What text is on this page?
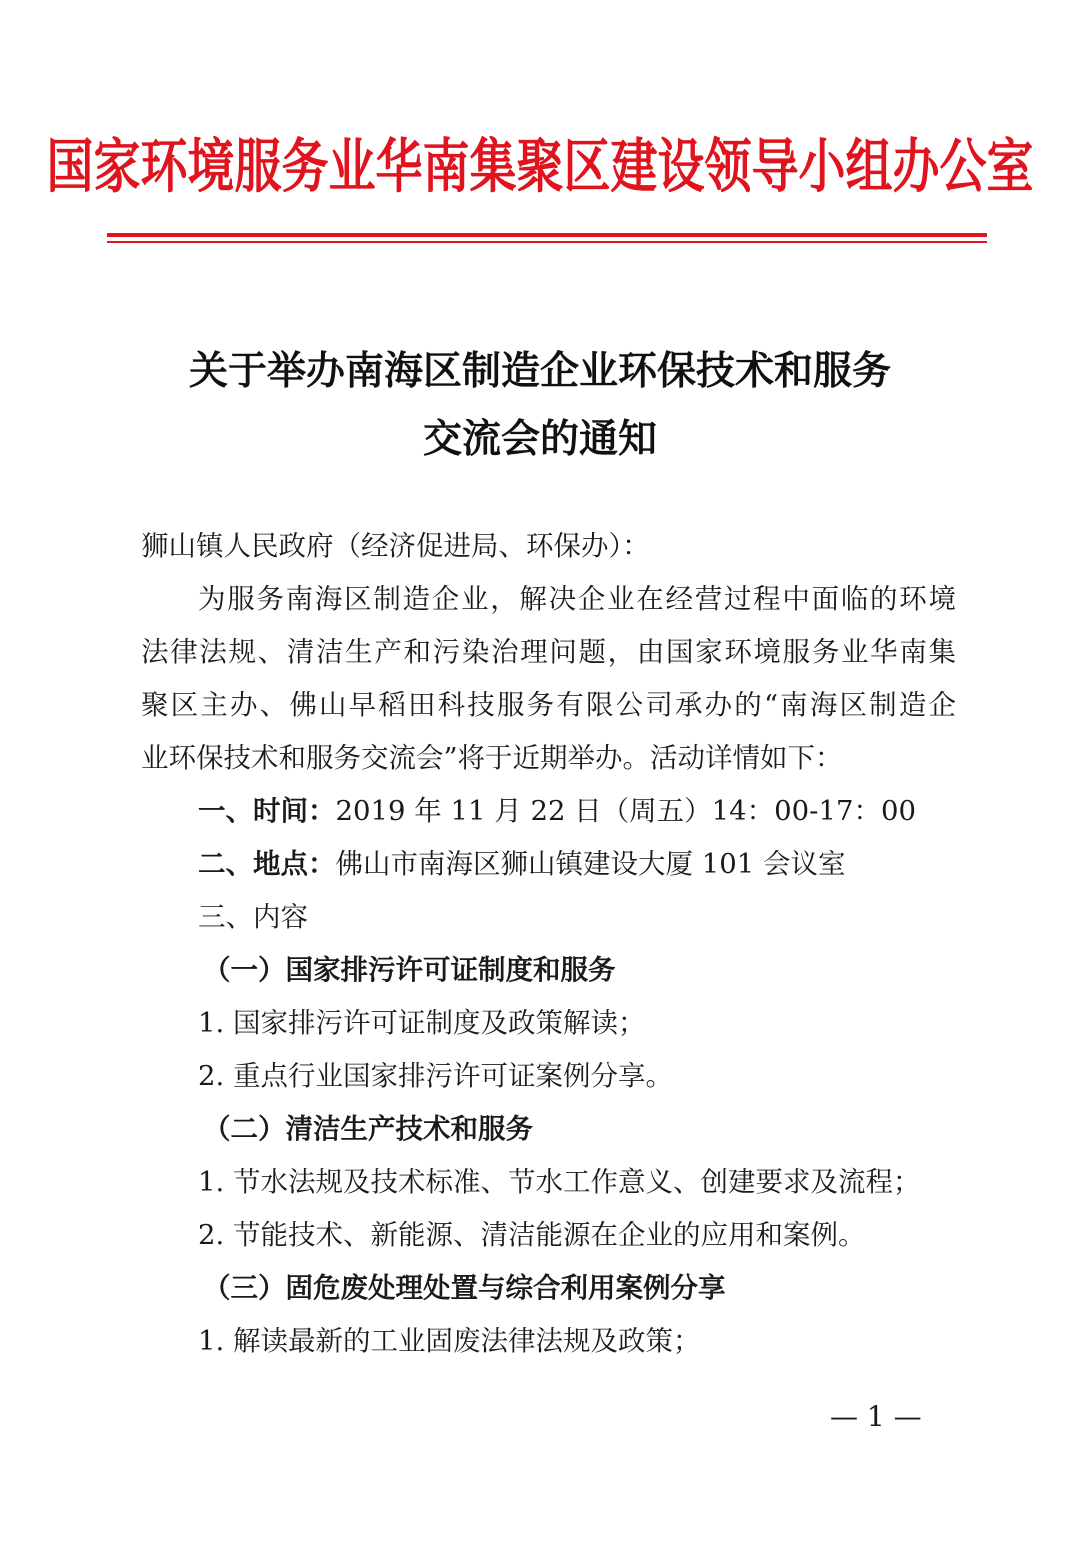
国家环境服务业华南集聚区建设领导小组办公室
关于举办南海区制造企业环保技术和服务
交流会的通知
狮山镇人民政府（经济促进局、环保办）：
为服务南海区制造企业，解决企业在经营过程中面临的环境
法律法规、清洁生产和污染治理问题，由国家环境服务业华南集
聚区主办、佛山早稻田科技服务有限公司承办的“南海区制造企
业环保技术和服务交流会”将于近期举办。活动详情如下：
一、时间：2019 年 11 月 22 日（周五）14：00-17：00
二、地点：佛山市南海区狮山镇建设大厦 101 会议室
三、内容
（一）国家排污许可证制度和服务
1. 国家排污许可证制度及政策解读；
2. 重点行业国家排污许可证案例分享。
（二）清洁生产技术和服务
1. 节水法规及技术标准、节水工作意义、创建要求及流程；
2. 节能技术、新能源、清洁能源在企业的应用和案例。
（三）固危废处理处置与综合利用案例分享
1. 解读最新的工业固废法律法规及政策；
— 1 —
